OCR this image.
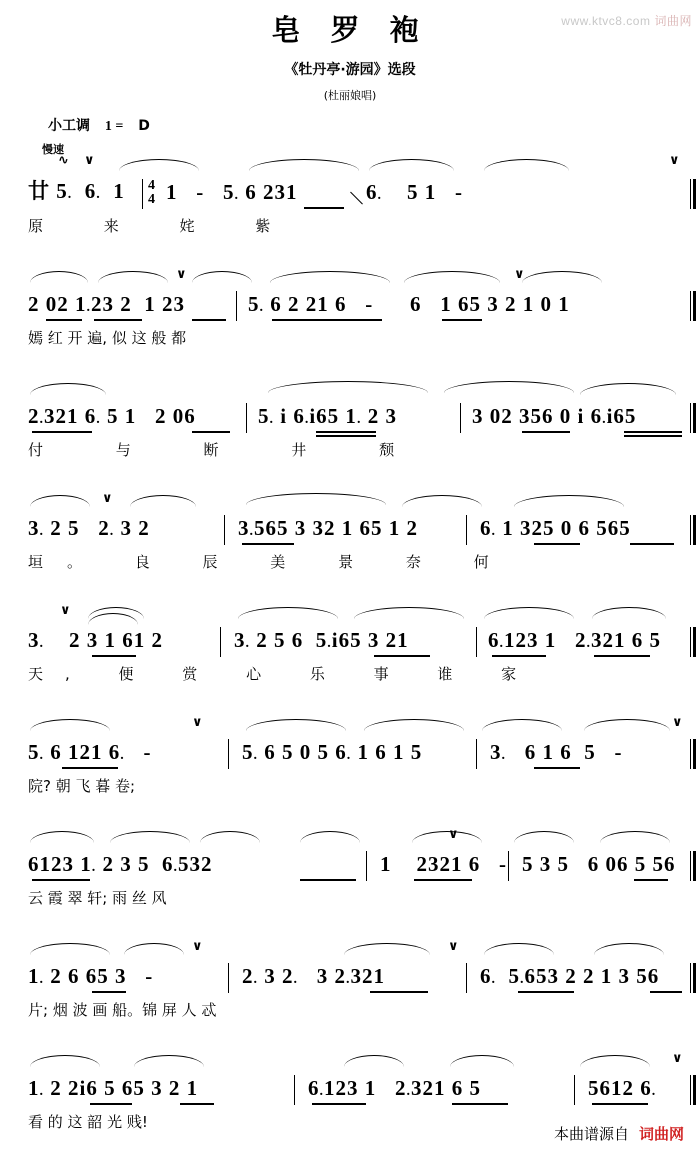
www.ktvc8.com 词曲网
皂 罗 袍
《牡丹亭·游园》选段
(杜丽娘唱)
小工调 1 = D
慢速
∿ ∨	∨
廿 5.  6.  1 4
4 1   -   5. 6 231	＼ 6.    5 1   -
原 来 姹 紫
∨	∨
2 02 1.23 2  1 23	5. 6 2 21 6   - 6   1 65 3 2 1 0 1
嫣 红 开 遍, 似 这 般 都
2.321 6. 5 1   2 06	5. i 6.i65 1. 2 3	3 02 356 0 i 6.i65
付 与 断 井 颓
∨
3. 2 5   2. 3 2	3.565 3 32 1 65 1 2	6. 1 325 0 6 565
垣。 良 辰 美 景 奈 何
∨
3.    2 3 1 61 2	3. 2 5 6  5.i65 3 21	6.123 1   2.321 6 5
天, 便 赏 心 乐 事 谁 家
∨	∨
5. 6 121 6.   -	5. 6 5 0 5 6. 1 6 1 5	3.   6 1 6  5   -
院? 朝 飞 暮 卷;
∨
6123 1. 2 3 5  6.532	1    2321 6   - 5 3 5   6 06 5 56
云 霞 翠 轩; 雨 丝 风
∨	∨
1. 2 6 65 3   -	2. 3 2.   3 2.321	6.  5.653 2 2 1 3 56
片; 烟 波 画 船。锦 屏 人 忒
1. 2 2i6 5 65 3 2 1	6.123 1   2.321 6 5	5612 6.
∨
看 的 这 韶 光 贱!
本曲谱源自 词曲网
